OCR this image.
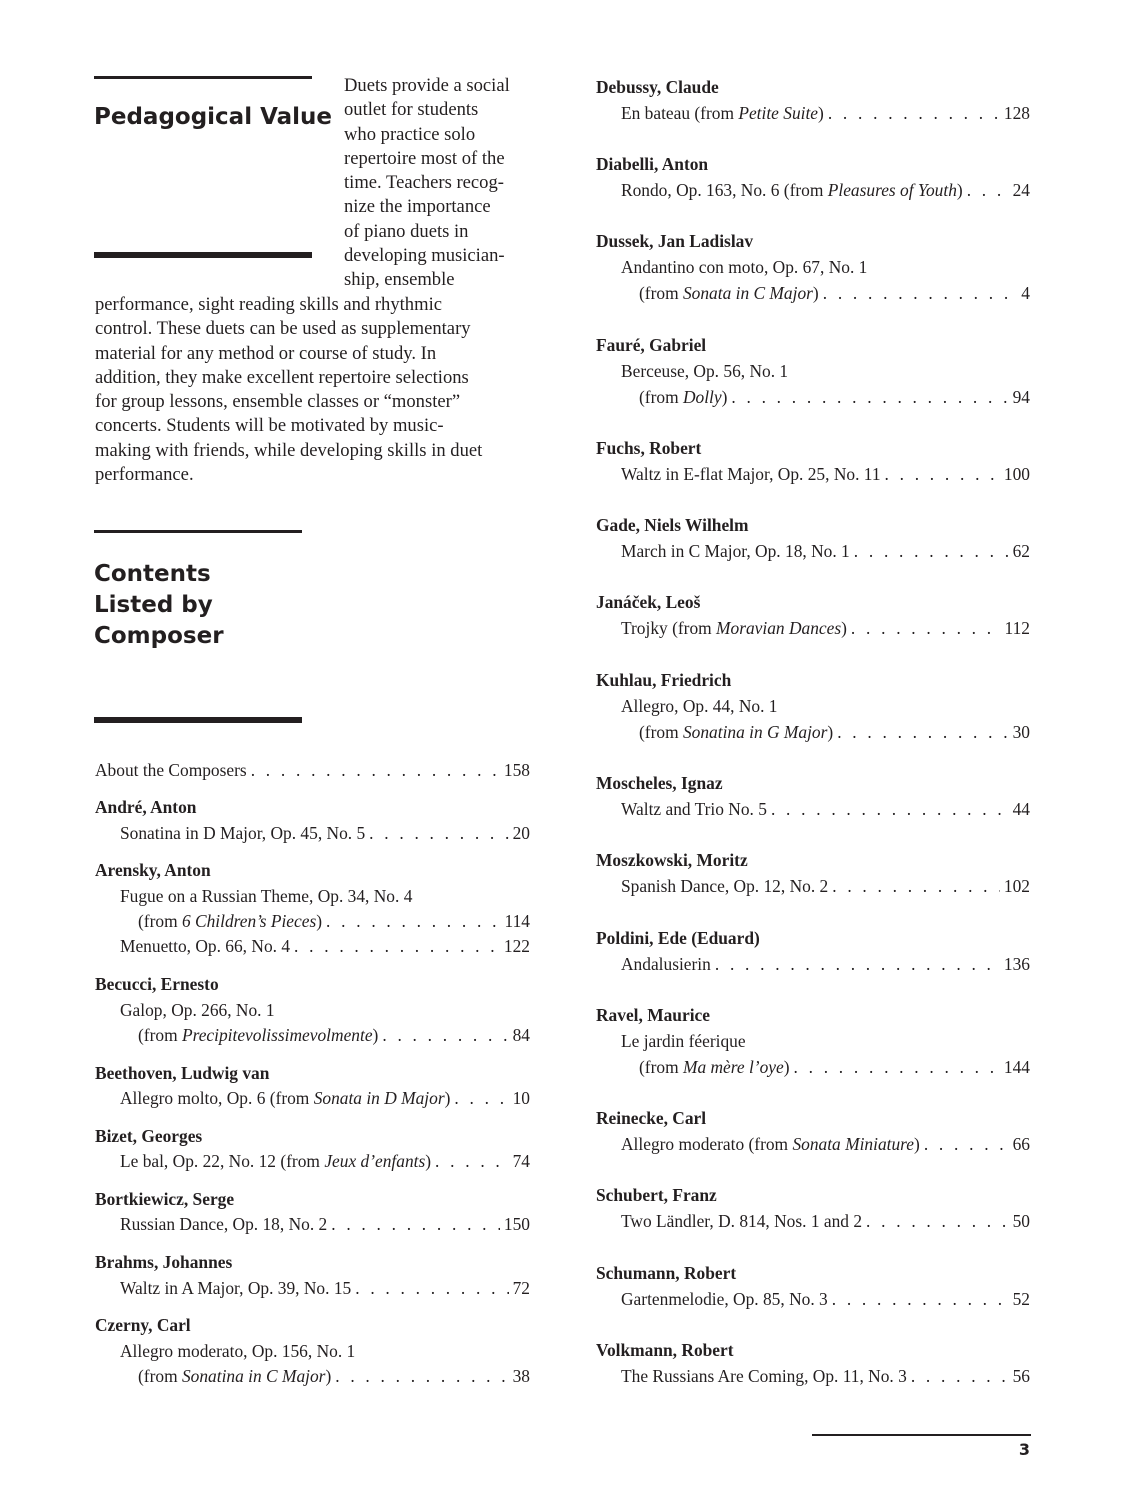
Pedagogical Value

Duets provide a social
outlet for students
who practice solo
repertoire most of the
time. Teachers recog-
nize the importance
of piano duets in
developing musician-
ship, ensemble

performance, sight reading skills and rhythmic
control. These duets can be used as supplementary
material for any method or course of study. In
addition, they make excellent repertoire selections
for group lessons, ensemble classes or “monster”
concerts. Students will be motivated by music-
making with friends, while developing skills in duet
performance.

Contents
Listed by
Composer
About the Composers . . .	158
André, Anton
Sonatina in D Major, Op. 45, No. 5 . . .	20
Arensky, Anton
Fugue on a Russian Theme, Op. 34, No. 4
(from 6 Children’s Pieces) . . .	114
Menuetto, Op. 66, No. 4 . . .	122
Becucci, Ernesto
Galop, Op. 266, No. 1
(from Precipitevolissimevolmente) . . .	84
Beethoven, Ludwig van
Allegro molto, Op. 6 (from Sonata in D Major) . . .	10
Bizet, Georges
Le bal, Op. 22, No. 12 (from Jeux d’enfants) . . .	74
Bortkiewicz, Serge
Russian Dance, Op. 18, No. 2 . . .	150
Brahms, Johannes
Waltz in A Major, Op. 39, No. 15 . . .	72
Czerny, Carl
Allegro moderato, Op. 156, No. 1
(from Sonatina in C Major) . . .	38
Debussy, Claude
En bateau (from Petite Suite) . . .	128
Diabelli, Anton
Rondo, Op. 163, No. 6 (from Pleasures of Youth) . . .	24
Dussek, Jan Ladislav
Andantino con moto, Op. 67, No. 1
(from Sonata in C Major) . . .	4
Fauré, Gabriel
Berceuse, Op. 56, No. 1
(from Dolly) . . .	94
Fuchs, Robert
Waltz in E-flat Major, Op. 25, No. 11 . . .	100
Gade, Niels Wilhelm
March in C Major, Op. 18, No. 1 . . .	62
Janáček, Leoš
Trojky (from Moravian Dances) . . .	112
Kuhlau, Friedrich
Allegro, Op. 44, No. 1
(from Sonatina in G Major) . . .	30
Moscheles, Ignaz
Waltz and Trio No. 5 . . .	44
Moszkowski, Moritz
Spanish Dance, Op. 12, No. 2 . . .	102
Poldini, Ede (Eduard)
Andalusierin . . .	136
Ravel, Maurice
Le jardin féerique
(from Ma mère l’oye) . . .	144
Reinecke, Carl
Allegro moderato (from Sonata Miniature) . . .	66
Schubert, Franz
Two Ländler, D. 814, Nos. 1 and 2 . . .	50
Schumann, Robert
Gartenmelodie, Op. 85, No. 3 . . .	52
Volkmann, Robert
The Russians Are Coming, Op. 11, No. 3 . . .	56
3
